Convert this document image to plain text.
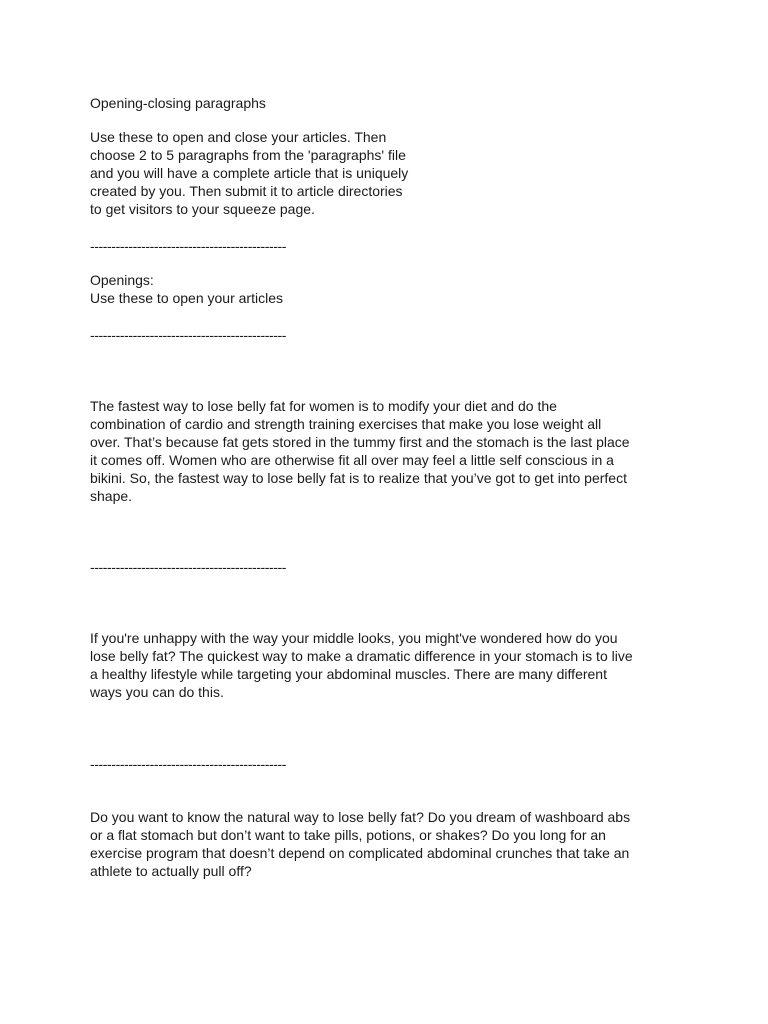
Opening-closing paragraphs

Use these to open and close your articles. Then
choose 2 to 5 paragraphs from the 'paragraphs' file
and you will have a complete article that is uniquely
created by you. Then submit it to article directories
to get visitors to your squeeze page.

----------------------------------------------

Openings:

Use these to open your articles

----------------------------------------------

The fastest way to lose belly fat for women is to modify your diet and do the
combination of cardio and strength training exercises that make you lose weight all
over. That’s because fat gets stored in the tummy first and the stomach is the last place
it comes off. Women who are otherwise fit all over may feel a little self conscious in a
bikini. So, the fastest way to lose belly fat is to realize that you’ve got to get into perfect
shape.

----------------------------------------------

If you're unhappy with the way your middle looks, you might've wondered how do you
lose belly fat? The quickest way to make a dramatic difference in your stomach is to live
a healthy lifestyle while targeting your abdominal muscles. There are many different
ways you can do this.

----------------------------------------------

Do you want to know the natural way to lose belly fat? Do you dream of washboard abs
or a flat stomach but don’t want to take pills, potions, or shakes? Do you long for an
exercise program that doesn’t depend on complicated abdominal crunches that take an
athlete to actually pull off?
